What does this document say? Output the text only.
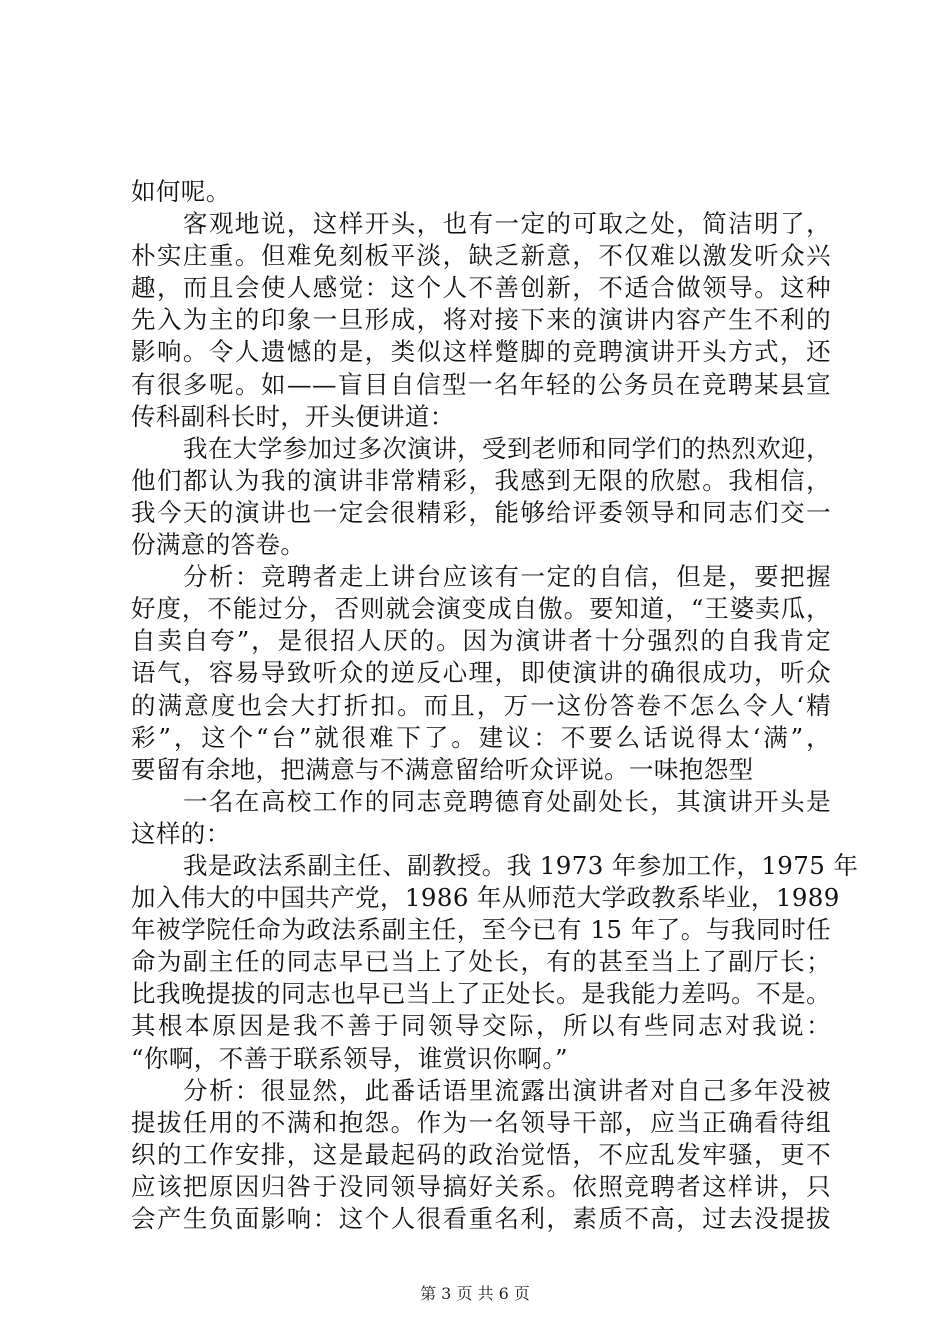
如何呢。
客观地说，这样开头，也有一定的可取之处，简洁明了，
朴实庄重。但难免刻板平淡，缺乏新意，不仅难以激发听众兴
趣，而且会使人感觉：这个人不善创新，不适合做领导。这种
先入为主的印象一旦形成，将对接下来的演讲内容产生不利的
影响。令人遗憾的是，类似这样蹩脚的竞聘演讲开头方式，还
有很多呢。如——盲目自信型一名年轻的公务员在竞聘某县宣
传科副科长时，开头便讲道：
我在大学参加过多次演讲，受到老师和同学们的热烈欢迎，
他们都认为我的演讲非常精彩，我感到无限的欣慰。我相信，
我今天的演讲也一定会很精彩，能够给评委领导和同志们交一
份满意的答卷。
分析：竞聘者走上讲台应该有一定的自信，但是，要把握
好度，不能过分，否则就会演变成自傲。要知道，“王婆卖瓜，
自卖自夸”，是很招人厌的。因为演讲者十分强烈的自我肯定
语气，容易导致听众的逆反心理，即使演讲的确很成功，听众
的满意度也会大打折扣。而且，万一这份答卷不怎么令人‘精
彩”，这个“台”就很难下了。建议：不要么话说得太‘满”，
要留有余地，把满意与不满意留给听众评说。一味抱怨型
一名在高校工作的同志竞聘德育处副处长，其演讲开头是
这样的：
我是政法系副主任、副教授。我 1973 年参加工作，1975 年
加入伟大的中国共产党，1986 年从师范大学政教系毕业，1989
年被学院任命为政法系副主任，至今已有 15 年了。与我同时任
命为副主任的同志早已当上了处长，有的甚至当上了副厅长；
比我晚提拔的同志也早已当上了正处长。是我能力差吗。不是。
其根本原因是我不善于同领导交际，所以有些同志对我说：
“你啊，不善于联系领导，谁赏识你啊。”
分析：很显然，此番话语里流露出演讲者对自己多年没被
提拔任用的不满和抱怨。作为一名领导干部，应当正确看待组
织的工作安排，这是最起码的政治觉悟，不应乱发牢骚，更不
应该把原因归咎于没同领导搞好关系。依照竞聘者这样讲，只
会产生负面影响：这个人很看重名利，素质不高，过去没提拔
第 3 页 共 6 页
